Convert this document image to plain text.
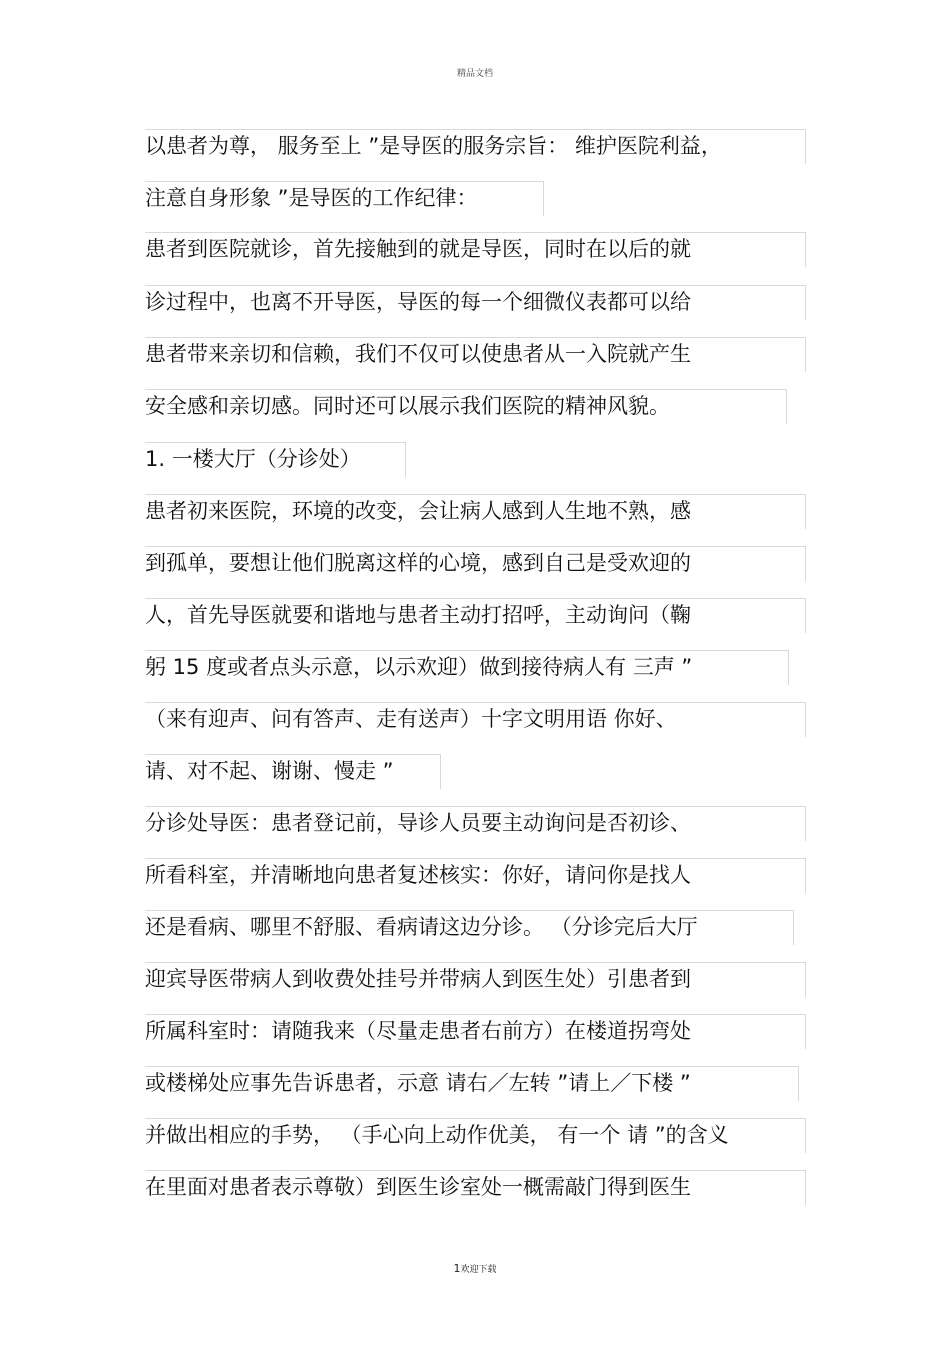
精品文档
以患者为尊， 服务至上 ”是导医的服务宗旨： 维护医院利益，
注意自身形象 ”是导医的工作纪律：
患者到医院就诊，首先接触到的就是导医，同时在以后的就
诊过程中，也离不开导医，导医的每一个细微仪表都可以给
患者带来亲切和信赖，我们不仅可以使患者从一入院就产生
安全感和亲切感。同时还可以展示我们医院的精神风貌。
1. 一楼大厅（分诊处）
患者初来医院，环境的改变，会让病人感到人生地不熟，感
到孤单，要想让他们脱离这样的心境，感到自己是受欢迎的
人，首先导医就要和谐地与患者主动打招呼，主动询问（鞠
躬 15 度或者点头示意，以示欢迎）做到接待病人有 三声 ”
（来有迎声、问有答声、走有送声）十字文明用语 你好、
请、对不起、谢谢、慢走 ”
分诊处导医：患者登记前，导诊人员要主动询问是否初诊、
所看科室，并清晰地向患者复述核实：你好，请问你是找人
还是看病、哪里不舒服、看病请这边分诊。 （分诊完后大厅
迎宾导医带病人到收费处挂号并带病人到医生处）引患者到
所属科室时：请随我来（尽量走患者右前方）在楼道拐弯处
或楼梯处应事先告诉患者，示意 请右／左转 ”请上／下楼 ”
并做出相应的手势， （手心向上动作优美， 有一个 请 ”的含义
在里面对患者表示尊敬）到医生诊室处一概需敲门得到医生
1欢迎下载
